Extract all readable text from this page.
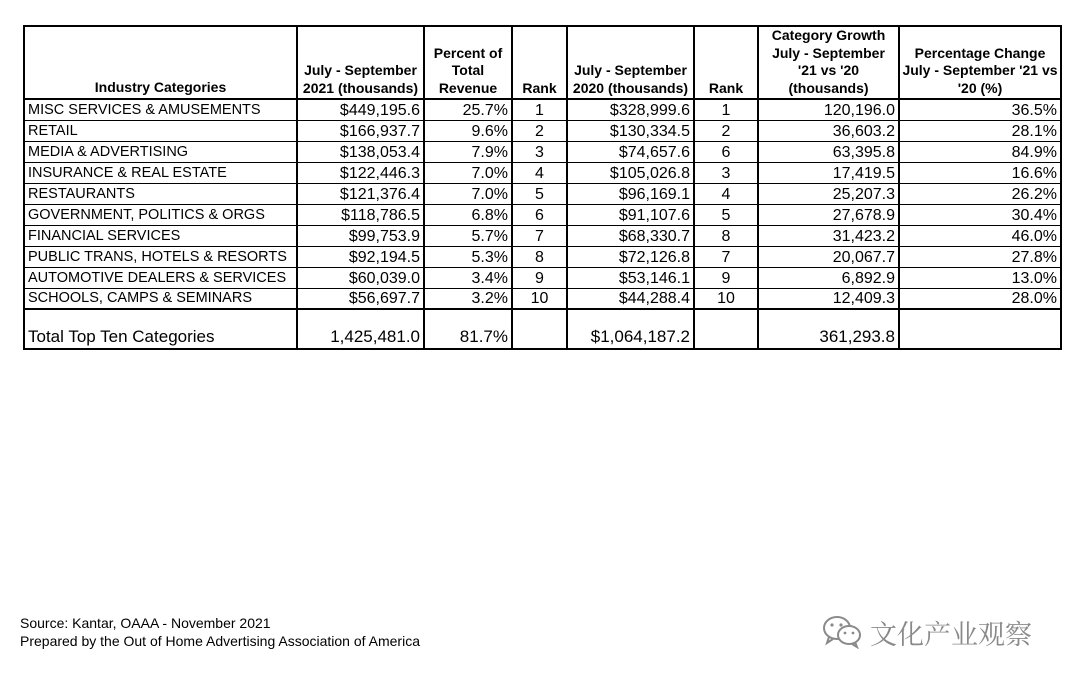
Industry Categories	July - September 2021 (thousands)	Percent of Total Revenue	Rank	July - September 2020 (thousands)	Rank	Category Growth July - September '21 vs '20 (thousands)	Percentage Change July - September '21 vs '20 (%)
MISC SERVICES & AMUSEMENTS	$449,195.6	25.7%	1	$328,999.6	1	120,196.0	36.5%
RETAIL	$166,937.7	9.6%	2	$130,334.5	2	36,603.2	28.1%
MEDIA & ADVERTISING	$138,053.4	7.9%	3	$74,657.6	6	63,395.8	84.9%
INSURANCE & REAL ESTATE	$122,446.3	7.0%	4	$105,026.8	3	17,419.5	16.6%
RESTAURANTS	$121,376.4	7.0%	5	$96,169.1	4	25,207.3	26.2%
GOVERNMENT, POLITICS & ORGS	$118,786.5	6.8%	6	$91,107.6	5	27,678.9	30.4%
FINANCIAL SERVICES	$99,753.9	5.7%	7	$68,330.7	8	31,423.2	46.0%
PUBLIC TRANS, HOTELS & RESORTS	$92,194.5	5.3%	8	$72,126.8	7	20,067.7	27.8%
AUTOMOTIVE DEALERS & SERVICES	$60,039.0	3.4%	9	$53,146.1	9	6,892.9	13.0%
SCHOOLS, CAMPS & SEMINARS	$56,697.7	3.2%	10	$44,288.4	10	12,409.3	28.0%
Total Top Ten Categories	1,425,481.0	81.7%		$1,064,187.2		361,293.8	
Source: Kantar, OAAA - November 2021
Prepared by the Out of Home Advertising Association of America	文化产业观察
